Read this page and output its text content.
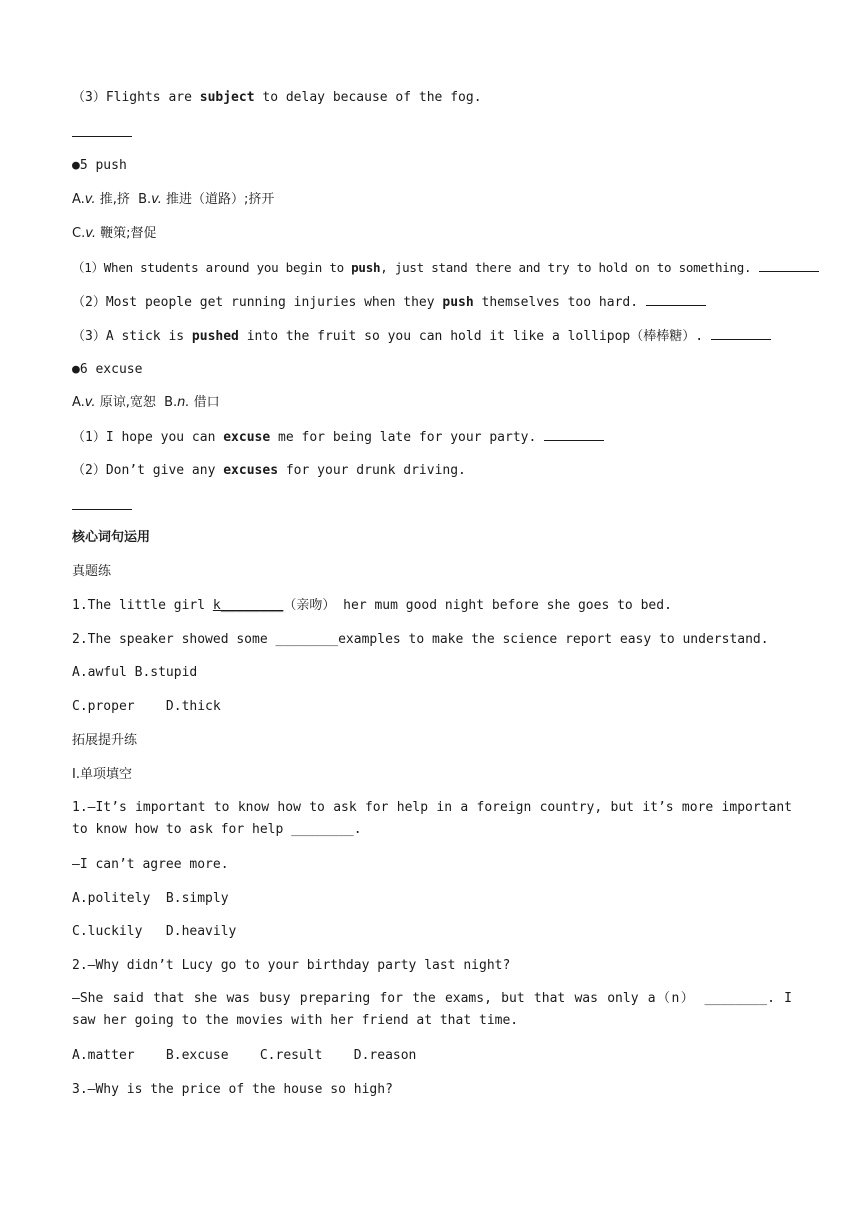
（3）Flights are subject to delay because of the fog.
●5 push
A.v. 推,挤  B.v. 推进（道路）;挤开
C.v. 鞭策;督促
（1）When students around you begin to push, just stand there and try to hold on to something.
（2）Most people get running injuries when they push themselves too hard.
（3）A stick is pushed into the fruit so you can hold it like a lollipop（棒棒糖）.
●6 excuse
A.v. 原谅,宽恕  B.n. 借口
（1）I hope you can excuse me for being late for your party.
（2）Don’t give any excuses for your drunk driving.
核心词句运用
真题练
1.The little girl k________（亲吻） her mum good night before she goes to bed.
2.The speaker showed some ________examples to make the science report easy to understand.
A.awful B.stupid
C.proper    D.thick
拓展提升练
Ⅰ.单项填空
1.—It’s important to know how to ask for help in a foreign country, but it’s more important to know how to ask for help ________.
—I can’t agree more.
A.politely  B.simply
C.luckily   D.heavily
2.—Why didn’t Lucy go to your birthday party last night?
—She said that she was busy preparing for the exams, but that was only a（n） ________. I saw her going to the movies with her friend at that time.
A.matter    B.excuse    C.result    D.reason
3.—Why is the price of the house so high?
